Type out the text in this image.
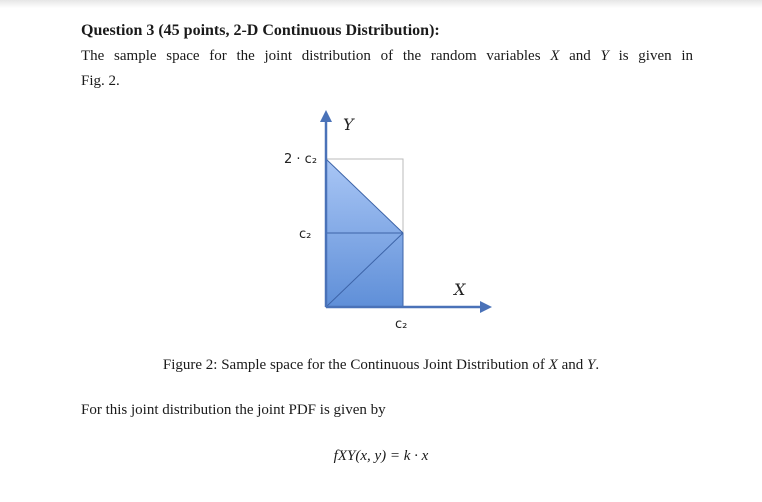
Question 3 (45 points, 2-D Continuous Distribution):
The sample space for the joint distribution of the random variables X and Y is given in
Fig. 2.
Y
X
2 · c₂
c₂
c₂
Figure 2: Sample space for the Continuous Joint Distribution of X and Y.
For this joint distribution the joint PDF is given by
fXY(x, y) = k · x
